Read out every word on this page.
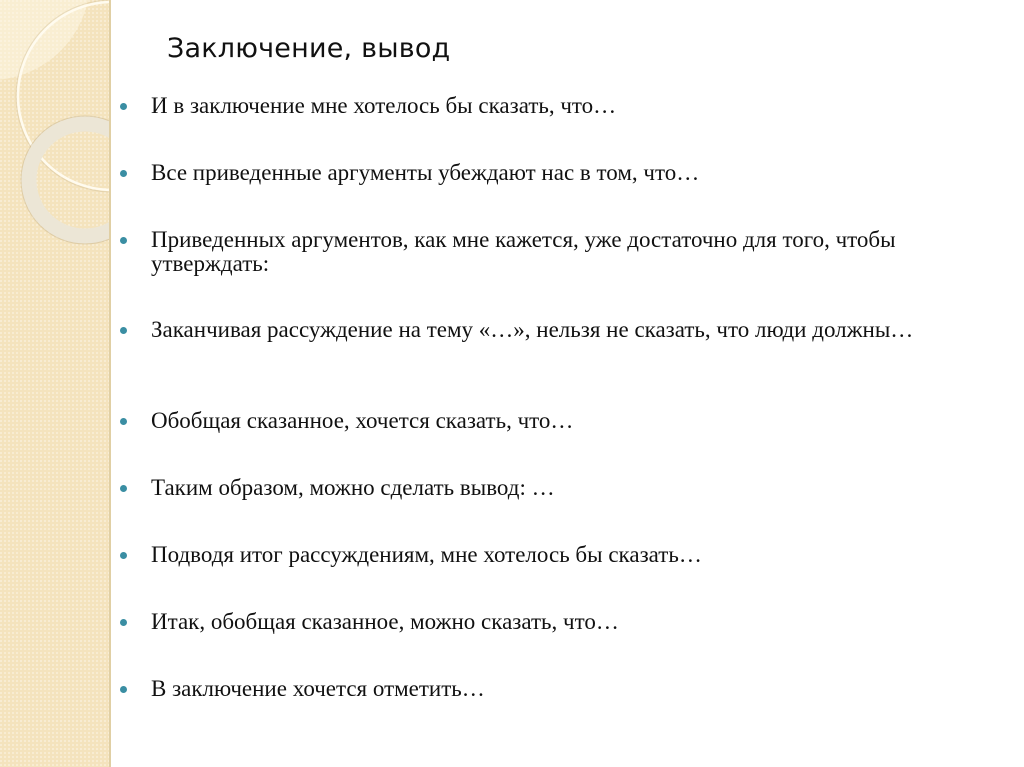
Заключение, вывод
И в заключение мне хотелось бы сказать, что…
Все приведенные аргументы убеждают нас в том, что…
Приведенных аргументов, как мне кажется, уже достаточно для того, чтобы утверждать:
Заканчивая рассуждение на тему «…», нельзя не сказать, что люди должны…
Обобщая сказанное, хочется сказать, что…
Таким образом, можно сделать вывод: …
Подводя итог рассуждениям, мне хотелось бы сказать…
Итак, обобщая сказанное, можно сказать, что…
В заключение хочется отметить…
